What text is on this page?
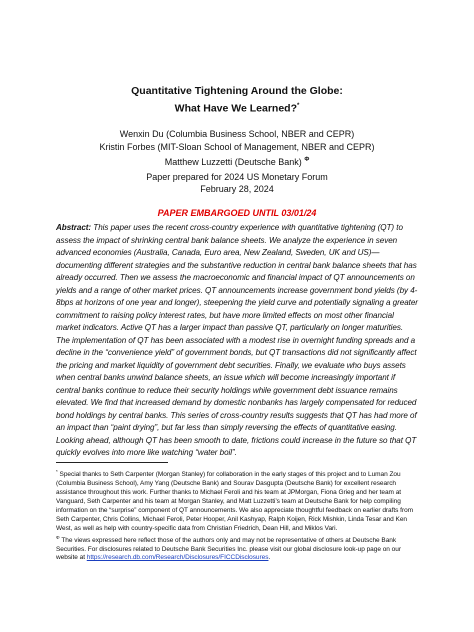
Quantitative Tightening Around the Globe:
What Have We Learned?*
Wenxin Du (Columbia Business School, NBER and CEPR)
Kristin Forbes (MIT-Sloan School of Management, NBER and CEPR)
Matthew Luzzetti (Deutsche Bank) $^\Phi$
Paper prepared for 2024 US Monetary Forum
February 28, 2024
PAPER EMBARGOED UNTIL 03/01/24
Abstract: This paper uses the recent cross-country experience with quantitative tightening (QT) to assess the impact of shrinking central bank balance sheets. We analyze the experience in seven advanced economies (Australia, Canada, Euro area, New Zealand, Sweden, UK and US)—documenting different strategies and the substantive reduction in central bank balance sheets that has already occurred. Then we assess the macroeconomic and financial impact of QT announcements on yields and a range of other market prices. QT announcements increase government bond yields (by 4-8bps at horizons of one year and longer), steepening the yield curve and potentially signaling a greater commitment to raising policy interest rates, but have more limited effects on most other financial market indicators. Active QT has a larger impact than passive QT, particularly on longer maturities. The implementation of QT has been associated with a modest rise in overnight funding spreads and a decline in the “convenience yield” of government bonds, but QT transactions did not significantly affect the pricing and market liquidity of government debt securities. Finally, we evaluate who buys assets when central banks unwind balance sheets, an issue which will become increasingly important if central banks continue to reduce their security holdings while government debt issuance remains elevated. We find that increased demand by domestic nonbanks has largely compensated for reduced bond holdings by central banks. This series of cross-country results suggests that QT has had more of an impact than “paint drying”, but far less than simply reversing the effects of quantitative easing. Looking ahead, although QT has been smooth to date, frictions could increase in the future so that QT quickly evolves into more like watching “water boil”.

* Special thanks to Seth Carpenter (Morgan Stanley) for collaboration in the early stages of this project and to Luman Zou (Columbia Business School), Amy Yang (Deutsche Bank) and Sourav Dasgupta (Deutsche Bank) for excellent research assistance throughout this work. Further thanks to Michael Feroli and his team at JPMorgan, Fiona Grieg and her team at Vanguard, Seth Carpenter and his team at Morgan Stanley, and Matt Luzzetti’s team at Deutsche Bank for help compiling information on the “surprise” component of QT announcements. We also appreciate thoughtful feedback on earlier drafts from Seth Carpenter, Chris Collins, Michael Feroli, Peter Hooper, Anil Kashyap, Ralph Koijen, Rick Mishkin, Linda Tesar and Ken West, as well as help with country-specific data from Christian Friedrich, Dean Hill, and Miklos Vari.

$^\Phi$ The views expressed here reflect those of the authors only and may not be representative of others at Deutsche Bank Securities. For disclosures related to Deutsche Bank Securities Inc. please visit our global disclosure look-up page on our website at https://research.db.com/Research/Disclosures/FICCDisclosures.
